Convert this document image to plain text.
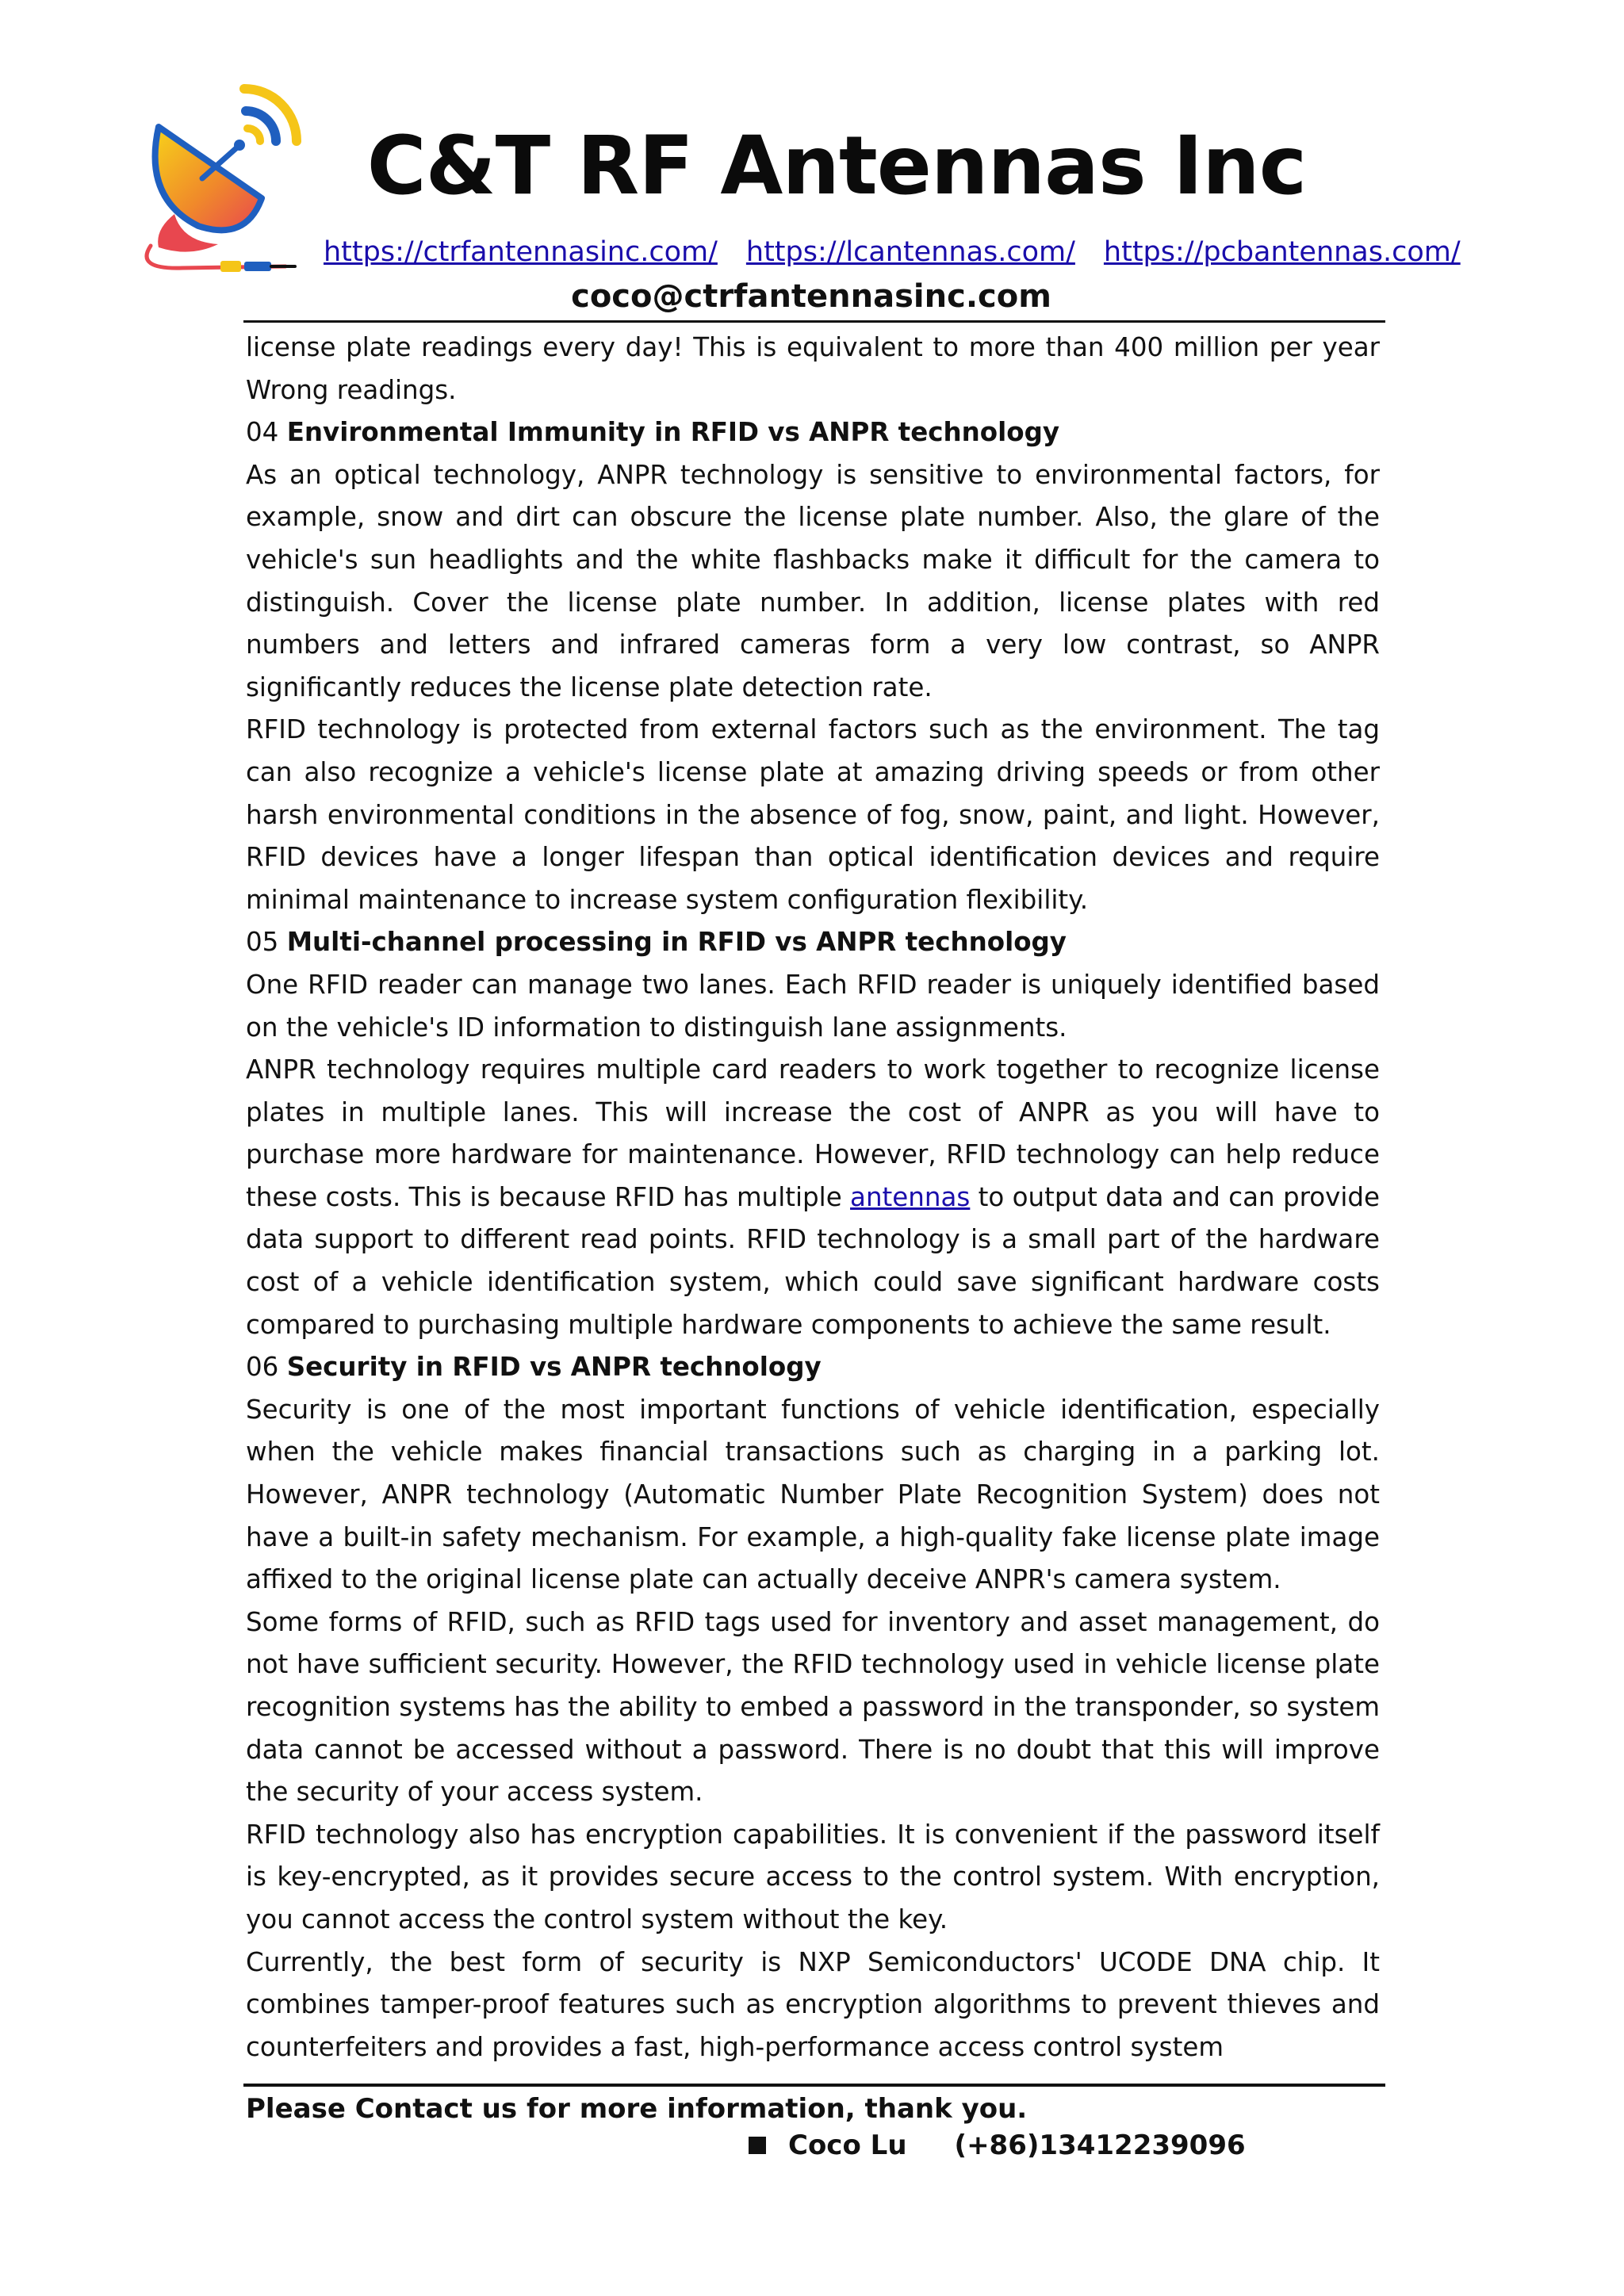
C&T RF Antennas Inc
https://ctrfantennasinc.com/ https://lcantennas.com/ https://pcbantennas.com/
coco@ctrfantennasinc.com

license plate readings every day! This is equivalent to more than 400 million per year Wrong readings.

04 Environmental Immunity in RFID vs ANPR technology

As an optical technology, ANPR technology is sensitive to environmental factors, for example, snow and dirt can obscure the license plate number. Also, the glare of the vehicle's sun headlights and the white flashbacks make it difficult for the camera to distinguish. Cover the license plate number. In addition, license plates with red numbers and letters and infrared cameras form a very low contrast, so ANPR significantly reduces the license plate detection rate.

RFID technology is protected from external factors such as the environment. The tag can also recognize a vehicle's license plate at amazing driving speeds or from other harsh environmental conditions in the absence of fog, snow, paint, and light. However, RFID devices have a longer lifespan than optical identification devices and require minimal maintenance to increase system configuration flexibility.

05 Multi-channel processing in RFID vs ANPR technology

One RFID reader can manage two lanes. Each RFID reader is uniquely identified based on the vehicle's ID information to distinguish lane assignments.

ANPR technology requires multiple card readers to work together to recognize license plates in multiple lanes. This will increase the cost of ANPR as you will have to purchase more hardware for maintenance. However, RFID technology can help reduce these costs. This is because RFID has multiple antennas to output data and can provide data support to different read points. RFID technology is a small part of the hardware cost of a vehicle identification system, which could save significant hardware costs compared to purchasing multiple hardware components to achieve the same result.

06 Security in RFID vs ANPR technology

Security is one of the most important functions of vehicle identification, especially when the vehicle makes financial transactions such as charging in a parking lot. However, ANPR technology (Automatic Number Plate Recognition System) does not have a built-in safety mechanism. For example, a high-quality fake license plate image affixed to the original license plate can actually deceive ANPR's camera system.

Some forms of RFID, such as RFID tags used for inventory and asset management, do not have sufficient security. However, the RFID technology used in vehicle license plate recognition systems has the ability to embed a password in the transponder, so system data cannot be accessed without a password. There is no doubt that this will improve the security of your access system.

RFID technology also has encryption capabilities. It is convenient if the password itself is key-encrypted, as it provides secure access to the control system. With encryption, you cannot access the control system without the key.

Currently, the best form of security is NXP Semiconductors' UCODE DNA chip. It combines tamper-proof features such as encryption algorithms to prevent thieves and counterfeiters and provides a fast, high-performance access control system

Please Contact us for more information, thank you.
Coco Lu (+86)13412239096
